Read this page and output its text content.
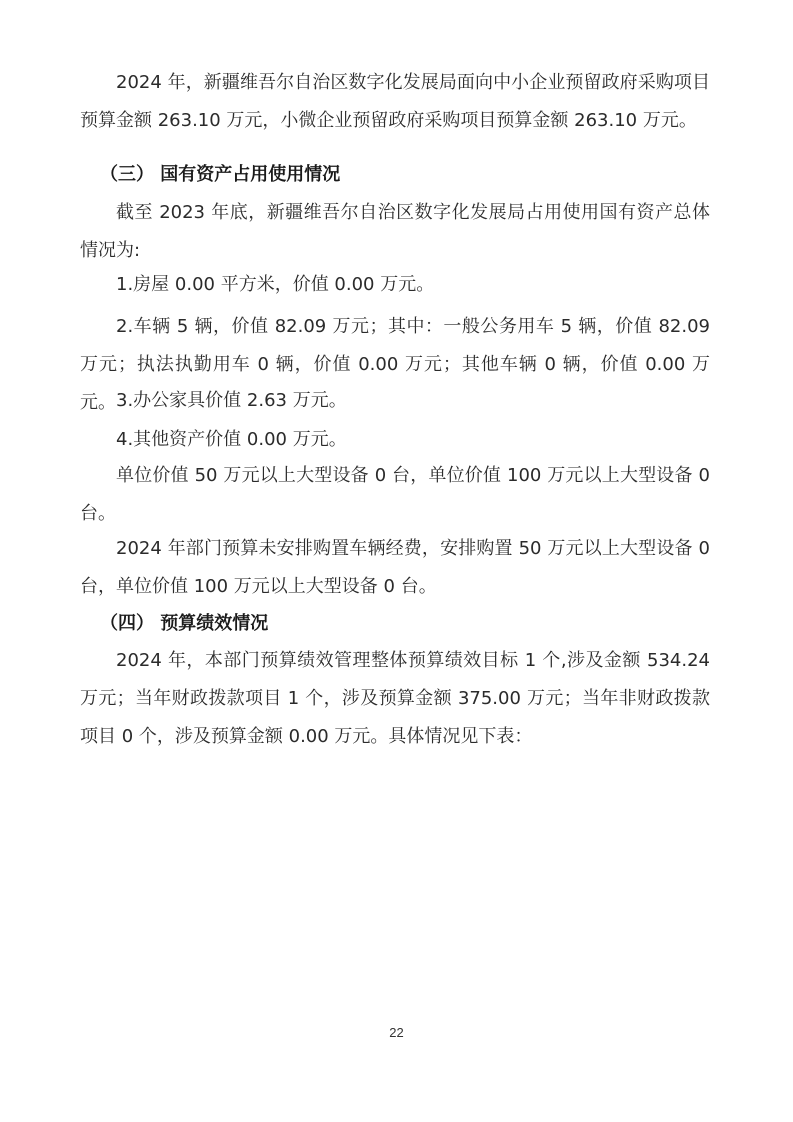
2024 年，新疆维吾尔自治区数字化发展局面向中小企业预留政府采购项目预算金额 263.10 万元，小微企业预留政府采购项目预算金额 263.10 万元。

（三） 国有资产占用使用情况

截至 2023 年底，新疆维吾尔自治区数字化发展局占用使用国有资产总体情况为:

1.房屋 0.00 平方米，价值 0.00 万元。

2.车辆 5 辆，价值 82.09 万元；其中：一般公务用车 5 辆，价值 82.09 万元；执法执勤用车 0 辆，价值 0.00 万元；其他车辆 0 辆，价值 0.00 万元。 3.办公家具价值 2.63 万元。

4.其他资产价值 0.00 万元。

单位价值 50 万元以上大型设备 0 台，单位价值 100 万元以上大型设备 0 台。

2024 年部门预算未安排购置车辆经费，安排购置 50 万元以上大型设备 0 台，单位价值 100 万元以上大型设备 0 台。

（四） 预算绩效情况

2024 年，本部门预算绩效管理整体预算绩效目标 1 个,涉及金额 534.24 万元；当年财政拨款项目 1 个，涉及预算金额 375.00 万元；当年非财政拨款项目 0 个，涉及预算金额 0.00 万元。具体情况见下表：

22
